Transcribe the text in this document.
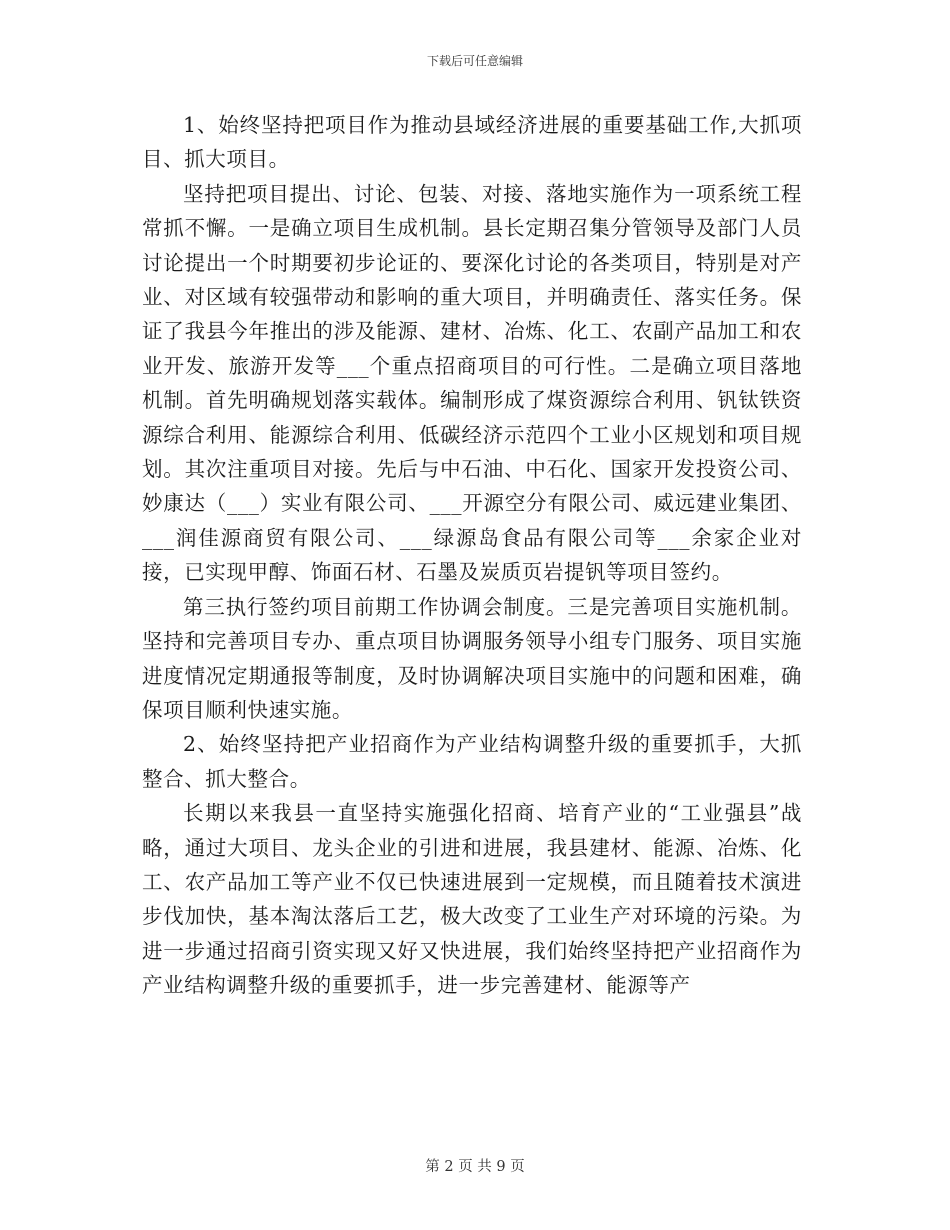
下载后可任意编辑

1、始终坚持把项目作为推动县域经济进展的重要基础工作,大抓项目、抓大项目。

坚持把项目提出、讨论、包装、对接、落地实施作为一项系统工程常抓不懈。一是确立项目生成机制。县长定期召集分管领导及部门人员讨论提出一个时期要初步论证的、要深化讨论的各类项目，特别是对产业、对区域有较强带动和影响的重大项目，并明确责任、落实任务。保证了我县今年推出的涉及能源、建材、冶炼、化工、农副产品加工和农业开发、旅游开发等___个重点招商项目的可行性。二是确立项目落地机制。首先明确规划落实载体。编制形成了煤资源综合利用、钒钛铁资源综合利用、能源综合利用、低碳经济示范四个工业小区规划和项目规划。其次注重项目对接。先后与中石油、中石化、国家开发投资公司、妙康达（___）实业有限公司、___开源空分有限公司、威远建业集团、___润佳源商贸有限公司、___绿源岛食品有限公司等___余家企业对接，已实现甲醇、饰面石材、石墨及炭质页岩提钒等项目签约。

第三执行签约项目前期工作协调会制度。三是完善项目实施机制。坚持和完善项目专办、重点项目协调服务领导小组专门服务、项目实施进度情况定期通报等制度，及时协调解决项目实施中的问题和困难，确保项目顺利快速实施。

2、始终坚持把产业招商作为产业结构调整升级的重要抓手，大抓整合、抓大整合。

长期以来我县一直坚持实施强化招商、培育产业的“工业强县”战略，通过大项目、龙头企业的引进和进展，我县建材、能源、冶炼、化工、农产品加工等产业不仅已快速进展到一定规模，而且随着技术演进步伐加快，基本淘汰落后工艺，极大改变了工业生产对环境的污染。为进一步通过招商引资实现又好又快进展，我们始终坚持把产业招商作为产业结构调整升级的重要抓手，进一步完善建材、能源等产

第 2 页 共 9 页
